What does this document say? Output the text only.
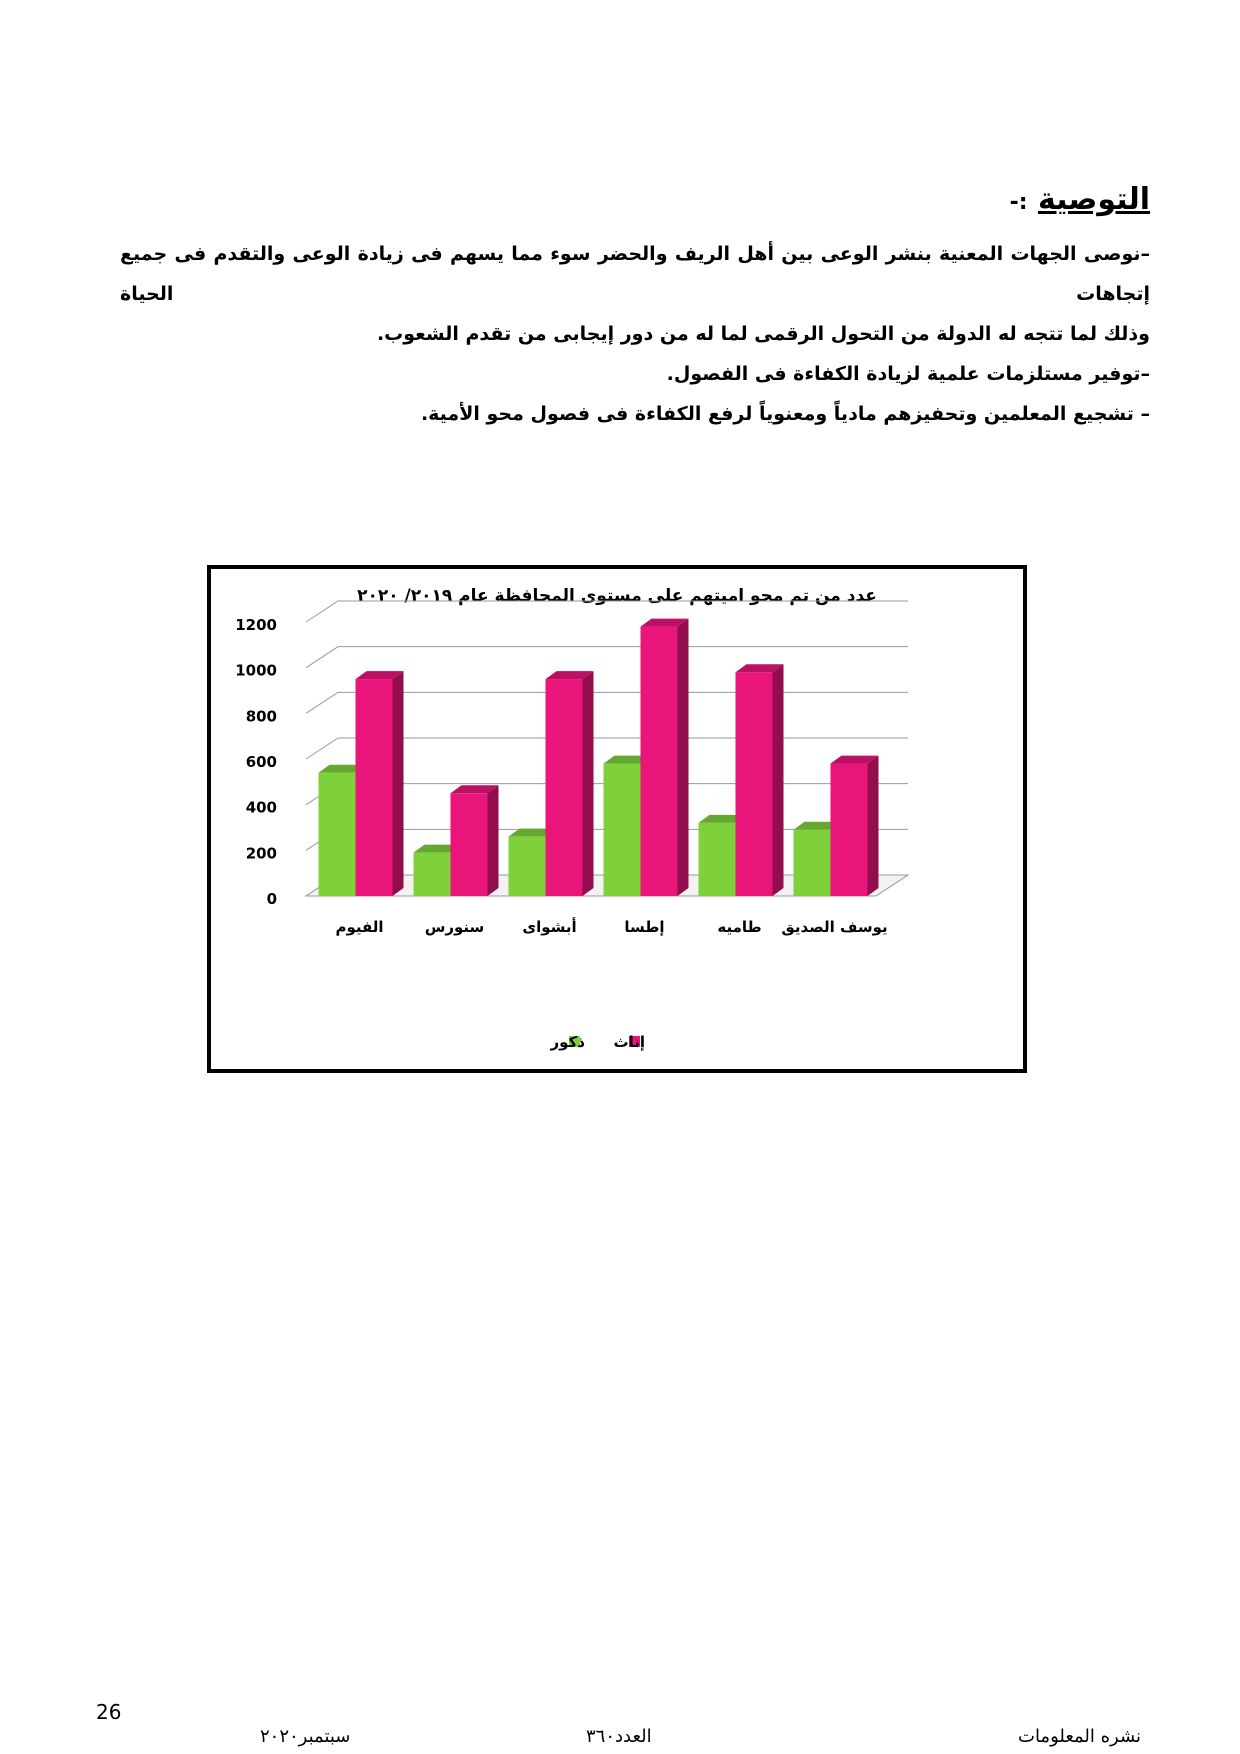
التوصية :-
–نوصى الجهات المعنية بنشر الوعى بين أهل الريف والحضر سوء مما يسهم فى زيادة الوعى والتقدم فى جميع إتجاهات الحياة
وذلك لما تتجه له الدولة من التحول الرقمى لما له من دور إيجابى من تقدم الشعوب.
–توفير مستلزمات علمية لزيادة الكفاءة فى الفصول.
– تشجيع المعلمين وتحفيزهم مادياً ومعنوياً لرفع الكفاءة فى فصول محو الأمية.
عدد من تم محو اميتهم على مستوى المحافظة عام ٢٠١٩/ ٢٠٢٠
0
200
400
600
800
1000
1200
الفيوم	سنورس	أبشواى	إطسا	طاميه يوسف الصديق
إناث
ذكور
26
نشره المعلومات
العدد٣٦٠
سبتمبر٢٠٢٠
